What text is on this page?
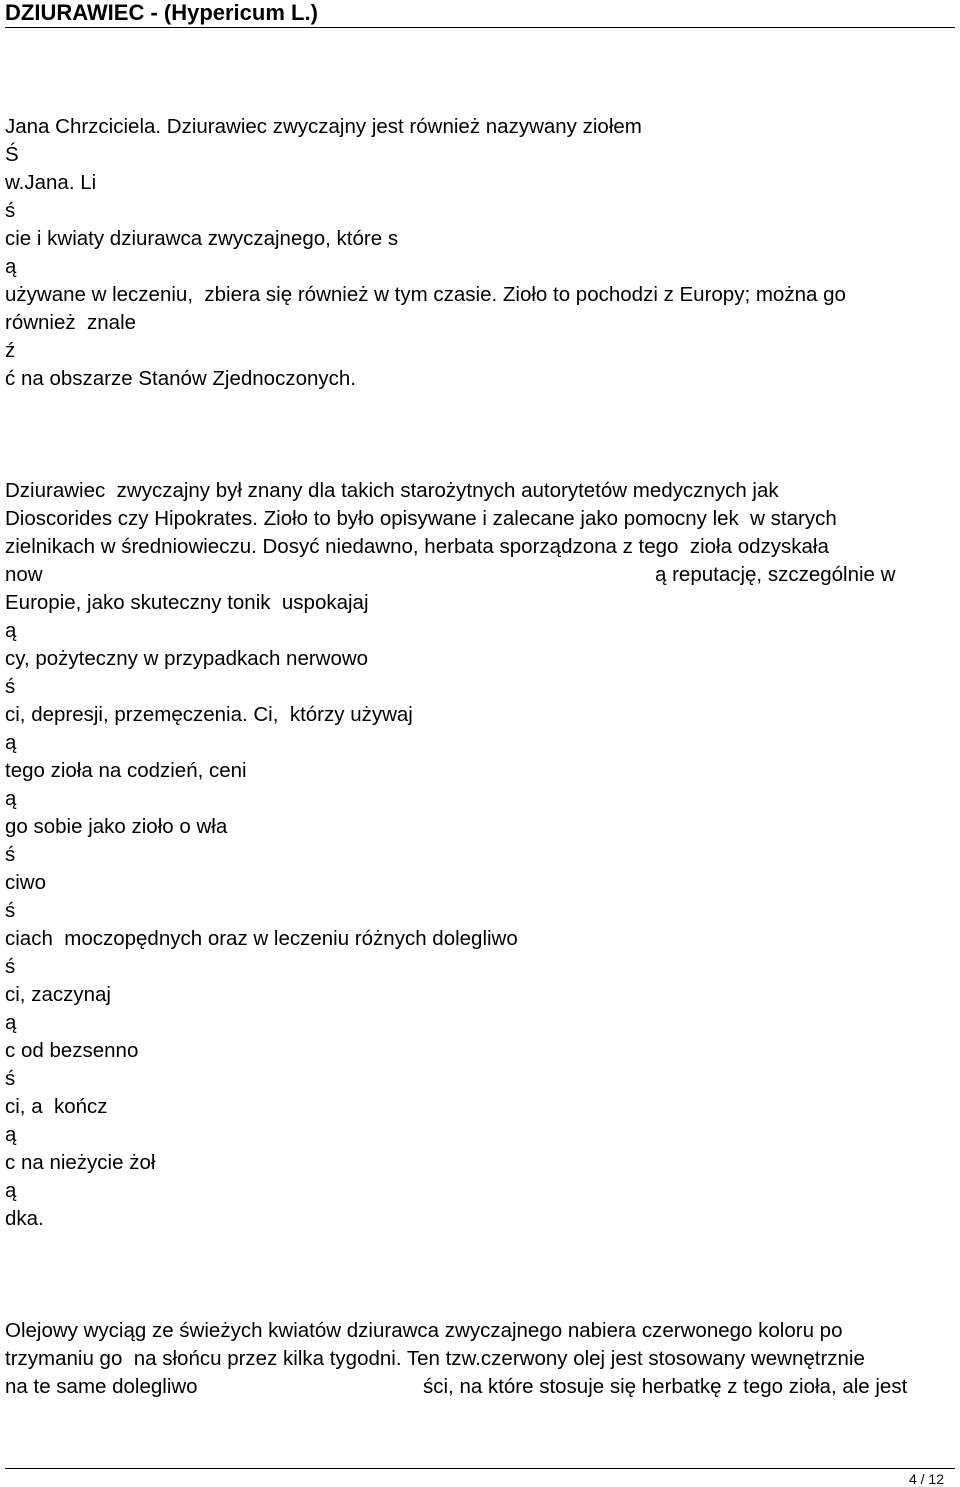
DZIURAWIEC - (Hypericum L.)

Jana Chrzciciela. Dziurawiec zwyczajny jest również nazywany ziołem

Ś

w.Jana. Li

ś

cie i kwiaty dziurawca zwyczajnego, które s

ą

używane w leczeniu,  zbiera się również w tym czasie. Zioło to pochodzi z Europy; można go

również  znale

ź

ć na obszarze Stanów Zjednoczonych.

Dziurawiec  zwyczajny był znany dla takich starożytnych autorytetów medycznych jak

Dioscorides czy Hipokrates. Zioło to było opisywane i zalecane jako pomocny lek  w starych

zielnikach w średniowieczu. Dosyć niedawno, herbata sporządzona z tego  zioła odzyskała

now	ą reputację, szczególnie w

Europie, jako skuteczny tonik  uspokajaj

ą

cy, pożyteczny w przypadkach nerwowo

ś

ci, depresji, przemęczenia. Ci,  którzy używaj

ą

tego zioła na codzień, ceni

ą

go sobie jako zioło o wła

ś

ciwo

ś

ciach  moczopędnych oraz w leczeniu różnych dolegliwo

ś

ci, zaczynaj

ą

c od bezsenno

ś

ci, a  kończ

ą

c na nieżycie żoł

ą

dka.

Olejowy wyciąg ze świeżych kwiatów dziurawca zwyczajnego nabiera czerwonego koloru po

trzymaniu go  na słońcu przez kilka tygodni. Ten tzw.czerwony olej jest stosowany wewnętrznie

na te same dolegliwo	ści, na które stosuje się herbatkę z tego zioła, ale jest

4 / 12
